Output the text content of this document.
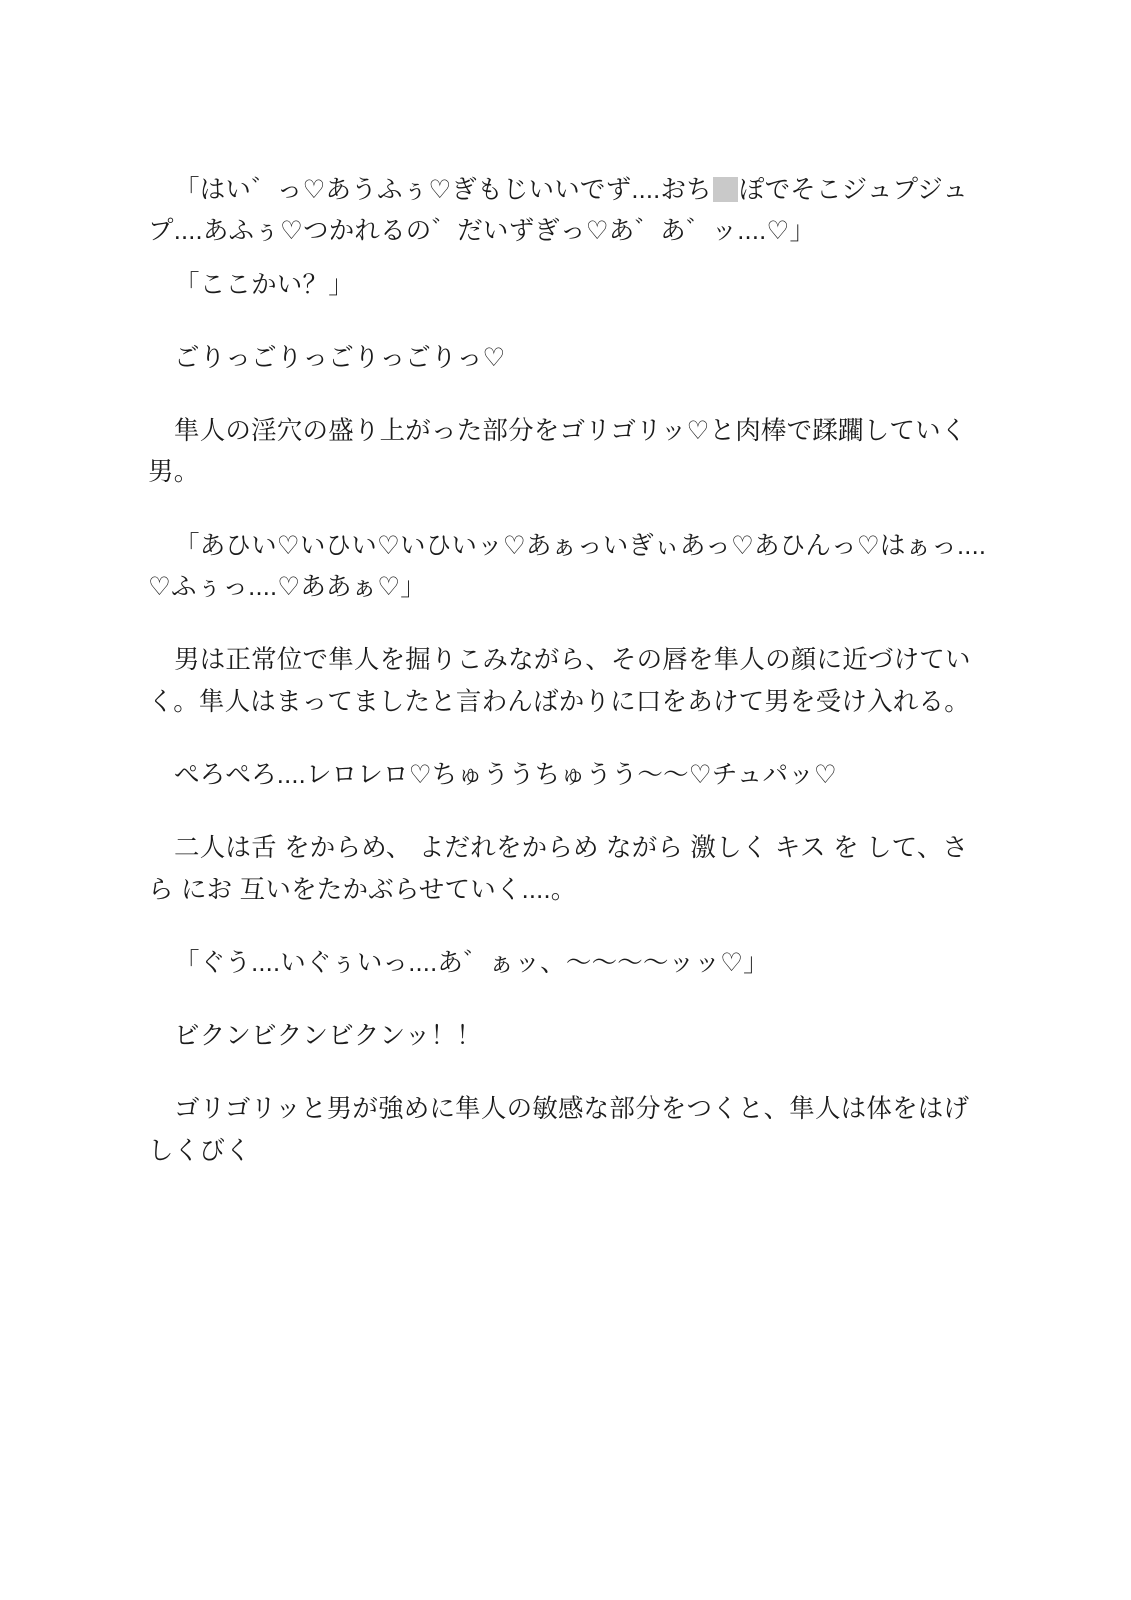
「はい゛っ♡あうふぅ♡ぎもじいいでず....おち ぽでそこジュプジュプ....あふぅ♡つかれるの゛だいずぎっ♡あ゛あ゛ッ....♡」

「ここかい？」

ごりっごりっごりっごりっ♡

隼人の淫穴の盛り上がった部分をゴリゴリッ♡と肉棒で蹂躙していく男。

「あひい♡いひい♡いひいッ♡あぁっいぎぃあっ♡あひんっ♡はぁっ....♡ふぅっ....♡ああぁ♡」

男は正常位で隼人を掘りこみながら、その唇を隼人の顔に近づけていく。隼人はまってましたと言わんばかりに口をあけて男を受け入れる。

ぺろぺろ....レロレロ♡ちゅううちゅうう～～♡チュパッ♡

二人は舌 をからめ、 よだれをからめ ながら 激しく キス を して、さら にお 互いをたかぶらせていく....。

「ぐう....いぐぅいっ....あ゛ぁッ、～～～～ッッ♡」

ビクンビクンビクンッ！！

ゴリゴリッと男が強めに隼人の敏感な部分をつくと、隼人は体をはげしくびく
